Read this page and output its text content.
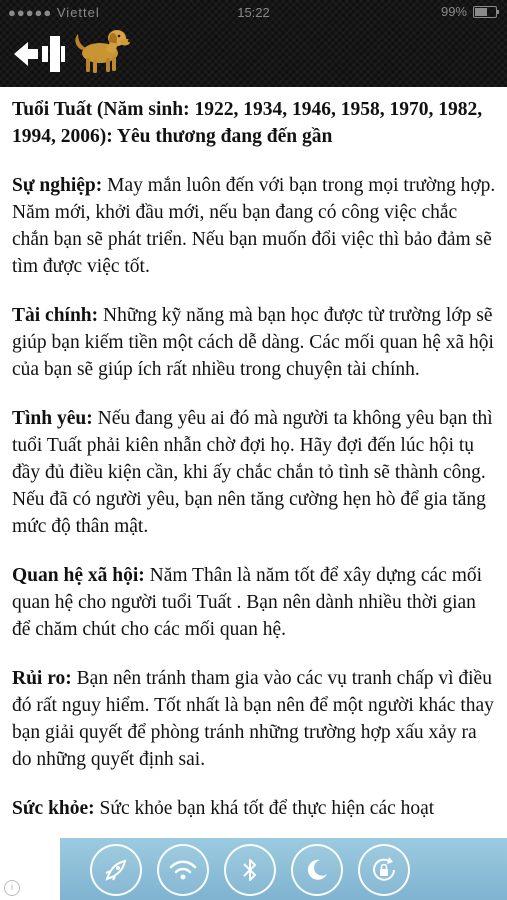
●●●●● Viettel	15:22	99%

Tuổi Tuất (Năm sinh: 1922, 1934, 1946, 1958, 1970, 1982, 1994, 2006): Yêu thương đang đến gần

Sự nghiệp: May mắn luôn đến với bạn trong mọi trường hợp. Năm mới, khởi đầu mới, nếu bạn đang có công việc chắc chắn bạn sẽ phát triển. Nếu bạn muốn đổi việc thì bảo đảm sẽ tìm được việc tốt.

Tài chính: Những kỹ năng mà bạn học được từ trường lớp sẽ giúp bạn kiếm tiền một cách dễ dàng. Các mối quan hệ xã hội của bạn sẽ giúp ích rất nhiều trong chuyện tài chính.

Tình yêu: Nếu đang yêu ai đó mà người ta không yêu bạn thì tuổi Tuất phải kiên nhẫn chờ đợi họ. Hãy đợi đến lúc hội tụ đầy đủ điều kiện cần, khi ấy chắc chắn tỏ tình sẽ thành công. Nếu đã có người yêu, bạn nên tăng cường hẹn hò để gia tăng mức độ thân mật.

Quan hệ xã hội: Năm Thân là năm tốt để xây dựng các mối quan hệ cho người tuổi Tuất . Bạn nên dành nhiều thời gian để chăm chút cho các mối quan hệ.

Rủi ro: Bạn nên tránh tham gia vào các vụ tranh chấp vì điều đó rất nguy hiểm. Tốt nhất là bạn nên để một người khác thay bạn giải quyết để phòng tránh những trường hợp xấu xảy ra do những quyết định sai.

Sức khỏe: Sức khỏe bạn khá tốt để thực hiện các hoạt

i
